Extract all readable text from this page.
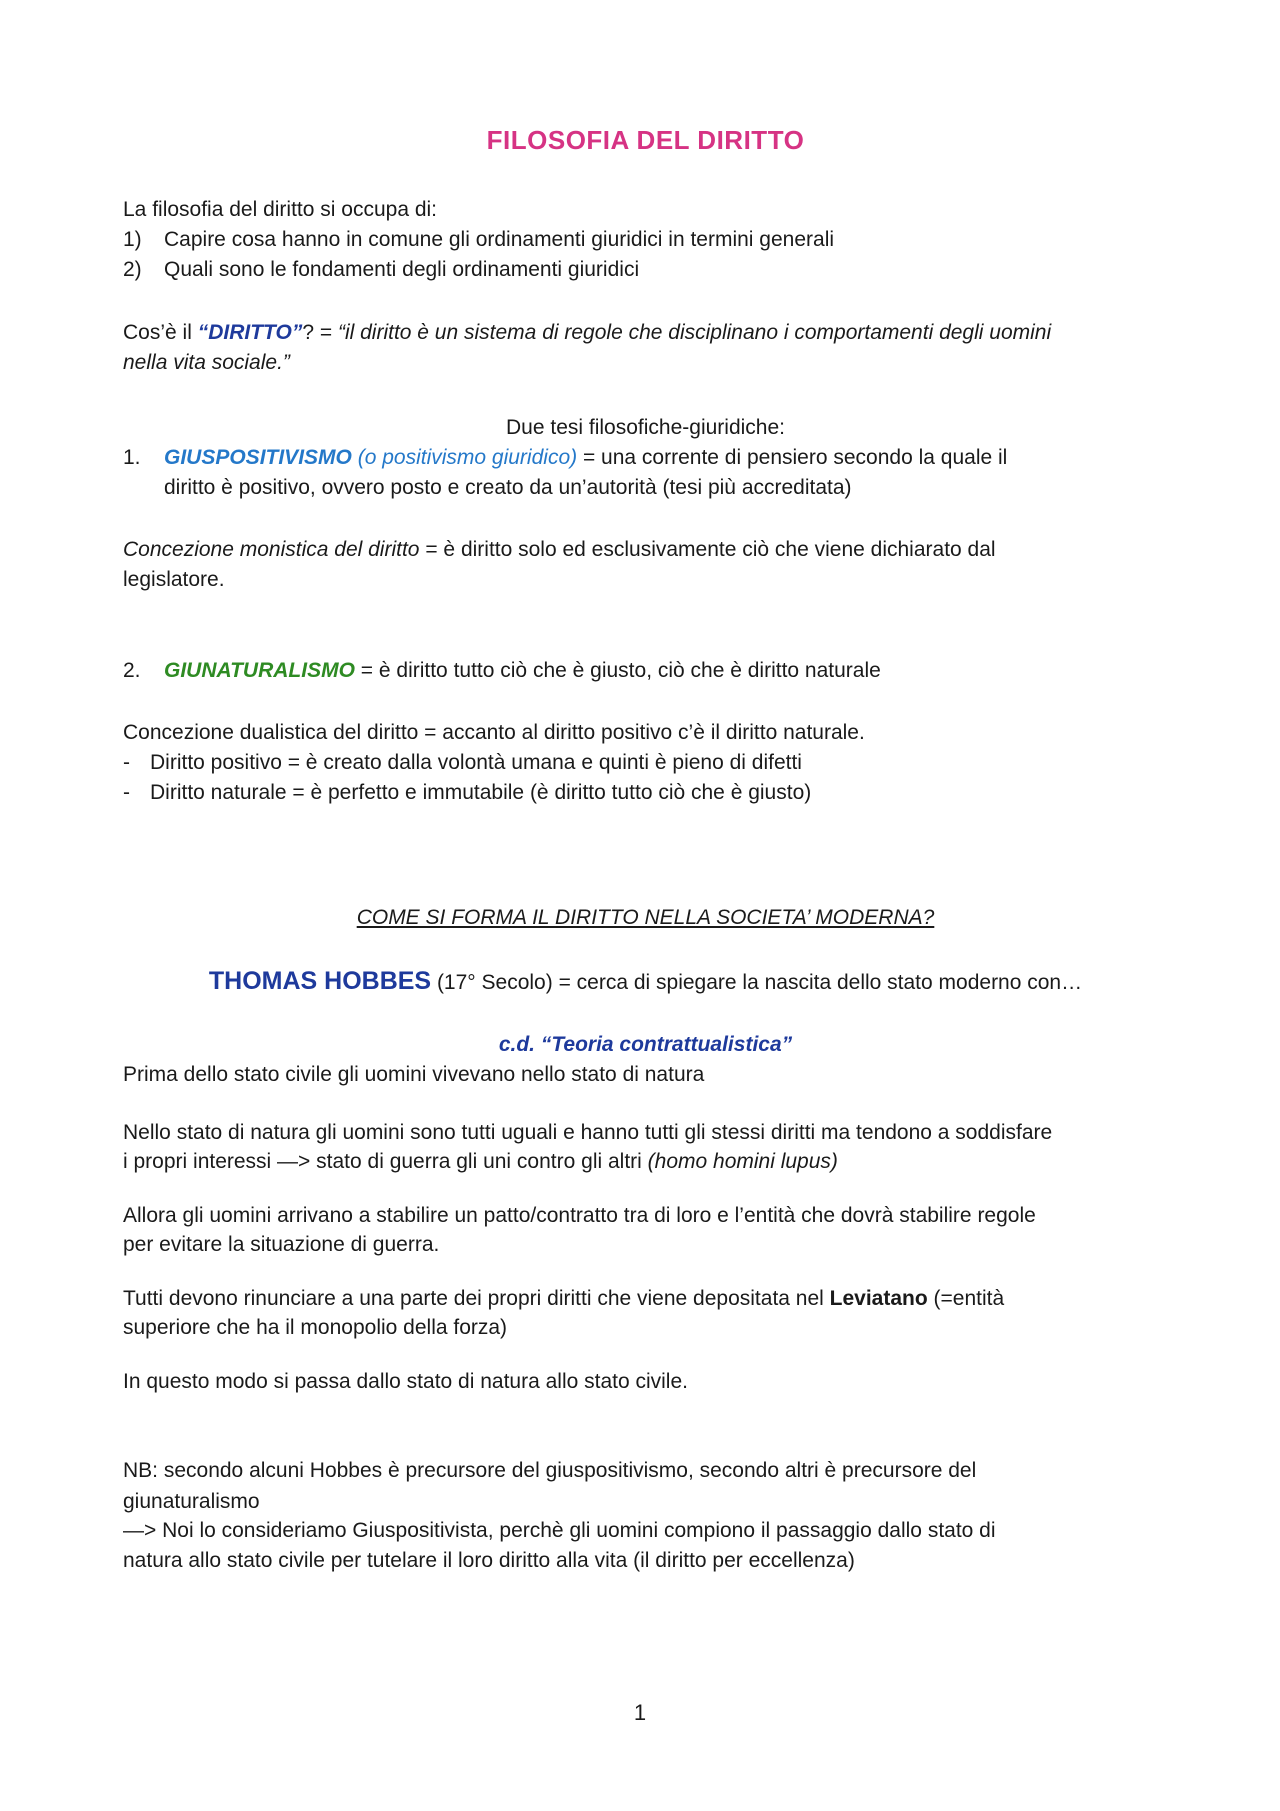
FILOSOFIA DEL DIRITTO
La filosofia del diritto si occupa di:
1) Capire cosa hanno in comune gli ordinamenti giuridici in termini generali
2) Quali sono le fondamenti degli ordinamenti giuridici
Cos’è il “DIRITTO”? = “il diritto è un sistema di regole che disciplinano i comportamenti degli uomini
nella vita sociale.”
Due tesi filosofiche-giuridiche:
1. GIUSPOSITIVISMO (o positivismo giuridico) = una corrente di pensiero secondo la quale il
diritto è positivo, ovvero posto e creato da un’autorità (tesi più accreditata)
Concezione monistica del diritto = è diritto solo ed esclusivamente ciò che viene dichiarato dal
legislatore.
2. GIUNATURALISMO = è diritto tutto ciò che è giusto, ciò che è diritto naturale
Concezione dualistica del diritto = accanto al diritto positivo c’è il diritto naturale.
- Diritto positivo = è creato dalla volontà umana e quinti è pieno di difetti
- Diritto naturale = è perfetto e immutabile (è diritto tutto ciò che è giusto)
COME SI FORMA IL DIRITTO NELLA SOCIETA’ MODERNA?
THOMAS HOBBES (17° Secolo) = cerca di spiegare la nascita dello stato moderno con…
c.d. “Teoria contrattualistica”
Prima dello stato civile gli uomini vivevano nello stato di natura
Nello stato di natura gli uomini sono tutti uguali e hanno tutti gli stessi diritti ma tendono a soddisfare
i propri interessi —> stato di guerra gli uni contro gli altri (homo homini lupus)
Allora gli uomini arrivano a stabilire un patto/contratto tra di loro e l’entità che dovrà stabilire regole
per evitare la situazione di guerra.
Tutti devono rinunciare a una parte dei propri diritti che viene depositata nel Leviatano (=entità
superiore che ha il monopolio della forza)
In questo modo si passa dallo stato di natura allo stato civile.
NB: secondo alcuni Hobbes è precursore del giuspositivismo, secondo altri è precursore del
giunaturalismo
—> Noi lo consideriamo Giuspositivista, perchè gli uomini compiono il passaggio dallo stato di
natura allo stato civile per tutelare il loro diritto alla vita (il diritto per eccellenza)
1
